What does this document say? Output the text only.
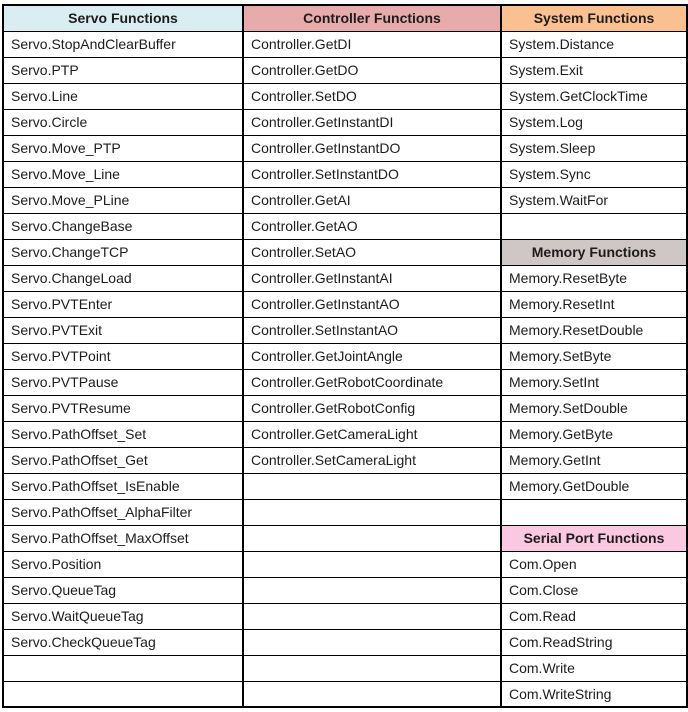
Servo Functions	Controller Functions	System Functions
Servo.StopAndClearBuffer	Controller.GetDI	System.Distance
Servo.PTP	Controller.GetDO	System.Exit
Servo.Line	Controller.SetDO	System.GetClockTime
Servo.Circle	Controller.GetInstantDI	System.Log
Servo.Move_PTP	Controller.GetInstantDO	System.Sleep
Servo.Move_Line	Controller.SetInstantDO	System.Sync
Servo.Move_PLine	Controller.GetAI	System.WaitFor
Servo.ChangeBase	Controller.GetAO	
Servo.ChangeTCP	Controller.SetAO	Memory Functions
Servo.ChangeLoad	Controller.GetInstantAI	Memory.ResetByte
Servo.PVTEnter	Controller.GetInstantAO	Memory.ResetInt
Servo.PVTExit	Controller.SetInstantAO	Memory.ResetDouble
Servo.PVTPoint	Controller.GetJointAngle	Memory.SetByte
Servo.PVTPause	Controller.GetRobotCoordinate	Memory.SetInt
Servo.PVTResume	Controller.GetRobotConfig	Memory.SetDouble
Servo.PathOffset_Set	Controller.GetCameraLight	Memory.GetByte
Servo.PathOffset_Get	Controller.SetCameraLight	Memory.GetInt
Servo.PathOffset_IsEnable		Memory.GetDouble
Servo.PathOffset_AlphaFilter		
Servo.PathOffset_MaxOffset		Serial Port Functions
Servo.Position		Com.Open
Servo.QueueTag		Com.Close
Servo.WaitQueueTag		Com.Read
Servo.CheckQueueTag		Com.ReadString
		Com.Write
		Com.WriteString
